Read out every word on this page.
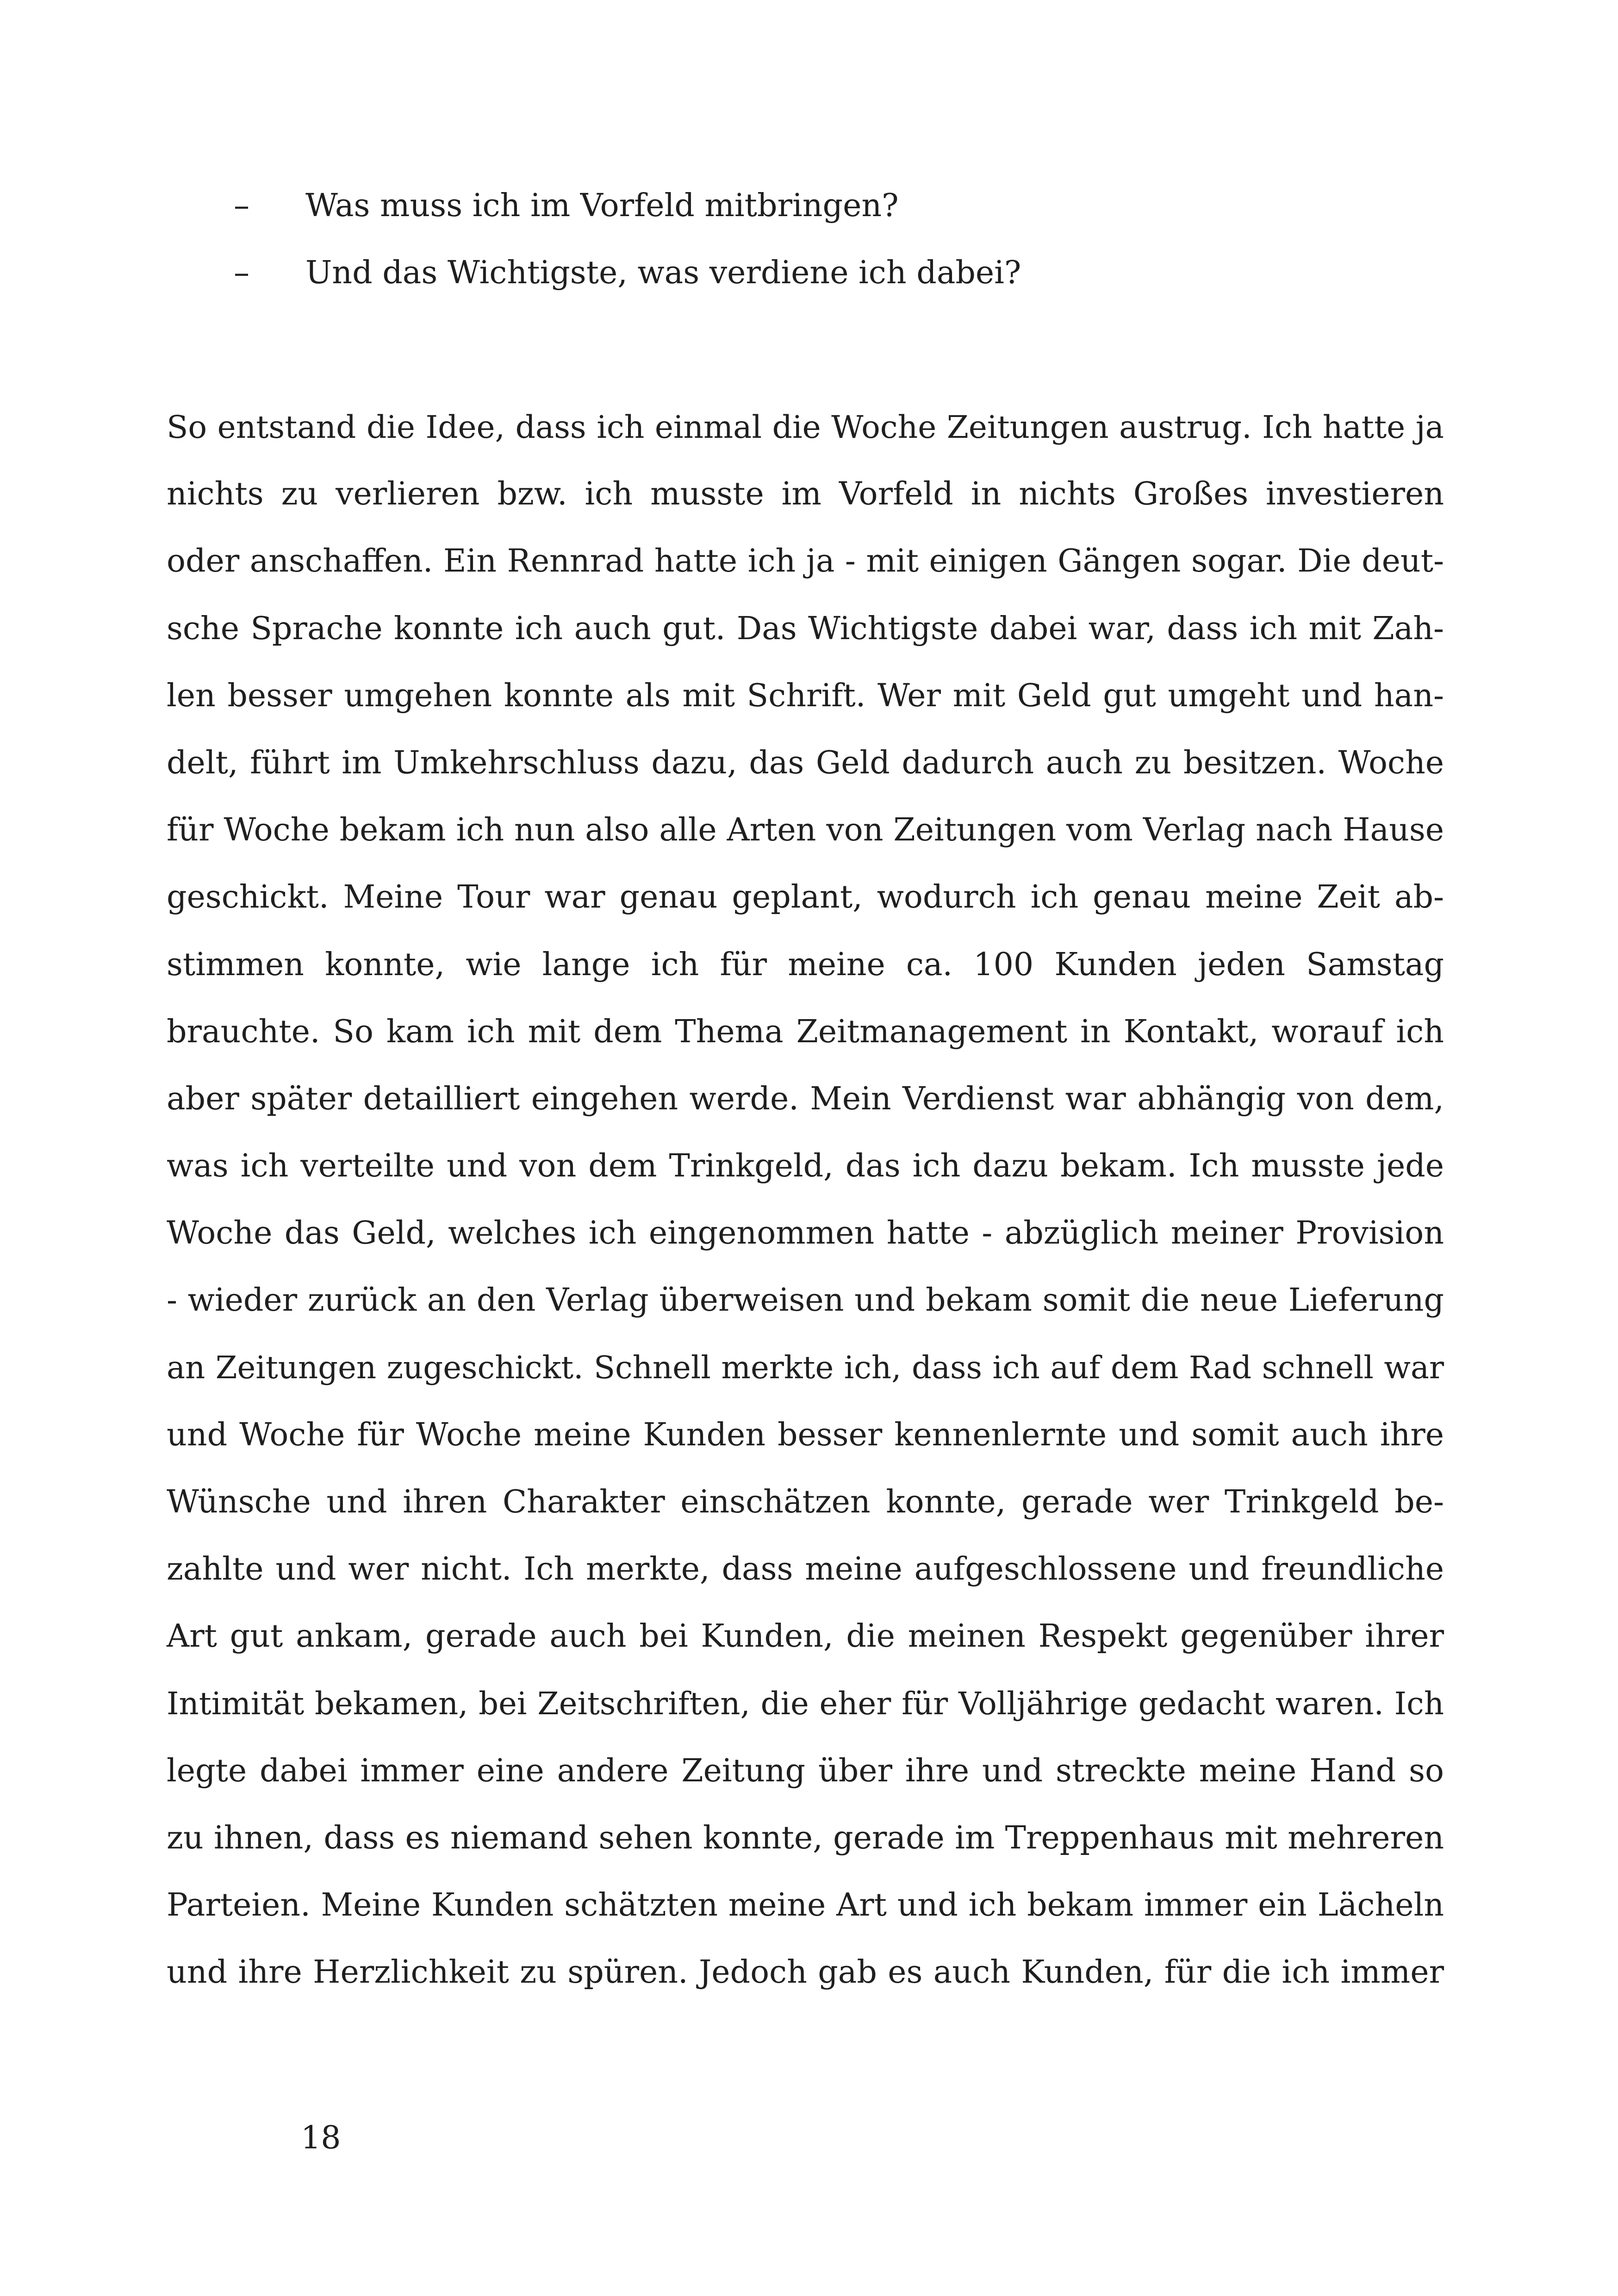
– Was muss ich im Vorfeld mitbringen?
– Und das Wichtigste, was verdiene ich dabei?
So entstand die Idee, dass ich einmal die Woche Zeitungen austrug. Ich hatte ja
nichts zu verlieren bzw. ich musste im Vorfeld in nichts Großes investieren
oder anschaffen. Ein Rennrad hatte ich ja - mit einigen Gängen sogar. Die deut-
sche Sprache konnte ich auch gut. Das Wichtigste dabei war, dass ich mit Zah-
len besser umgehen konnte als mit Schrift. Wer mit Geld gut umgeht und han-
delt, führt im Umkehrschluss dazu, das Geld dadurch auch zu besitzen. Woche
für Woche bekam ich nun also alle Arten von Zeitungen vom Verlag nach Hause
geschickt. Meine Tour war genau geplant, wodurch ich genau meine Zeit ab-
stimmen konnte, wie lange ich für meine ca. 100 Kunden jeden Samstag
brauchte. So kam ich mit dem Thema Zeitmanagement in Kontakt, worauf ich
aber später detailliert eingehen werde. Mein Verdienst war abhängig von dem,
was ich verteilte und von dem Trinkgeld, das ich dazu bekam. Ich musste jede
Woche das Geld, welches ich eingenommen hatte - abzüglich meiner Provision
- wieder zurück an den Verlag überweisen und bekam somit die neue Lieferung
an Zeitungen zugeschickt. Schnell merkte ich, dass ich auf dem Rad schnell war
und Woche für Woche meine Kunden besser kennenlernte und somit auch ihre
Wünsche und ihren Charakter einschätzen konnte, gerade wer Trinkgeld be-
zahlte und wer nicht. Ich merkte, dass meine aufgeschlossene und freundliche
Art gut ankam, gerade auch bei Kunden, die meinen Respekt gegenüber ihrer
Intimität bekamen, bei Zeitschriften, die eher für Volljährige gedacht waren. Ich
legte dabei immer eine andere Zeitung über ihre und streckte meine Hand so
zu ihnen, dass es niemand sehen konnte, gerade im Treppenhaus mit mehreren
Parteien. Meine Kunden schätzten meine Art und ich bekam immer ein Lächeln
und ihre Herzlichkeit zu spüren. Jedoch gab es auch Kunden, für die ich immer
18
